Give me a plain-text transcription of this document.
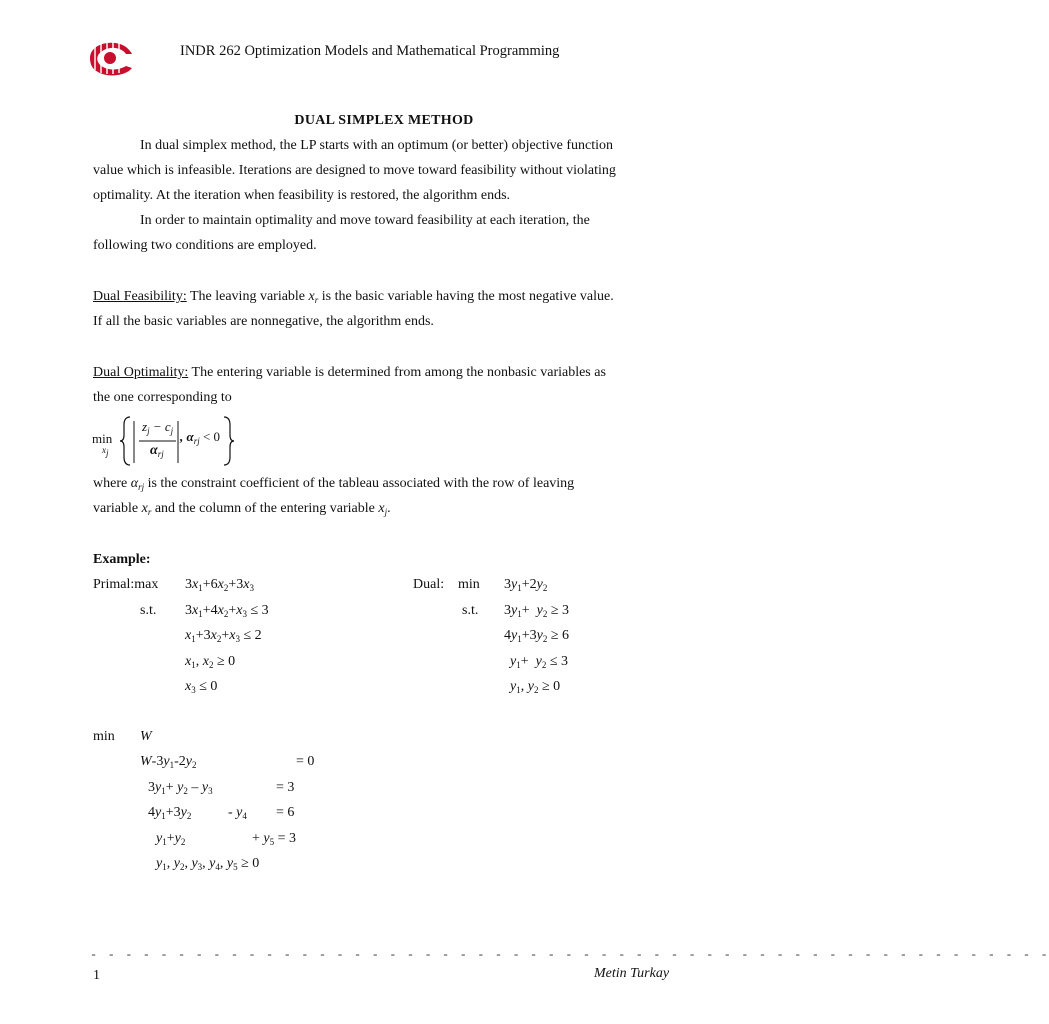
INDR 262 Optimization Models and Mathematical Programming
DUAL SIMPLEX METHOD
In dual simplex method, the LP starts with an optimum (or better) objective function
value which is infeasible. Iterations are designed to move toward feasibility without violating
optimality. At the iteration when feasibility is restored, the algorithm ends.
In order to maintain optimality and move toward feasibility at each iteration, the
following two conditions are employed.
Dual Feasibility: The leaving variable $x_r$ is the basic variable having the most negative value.
If all the basic variables are nonnegative, the algorithm ends.
Dual Optimality: The entering variable is determined from among the nonbasic variables as
the one corresponding to
min
$x_j$
$z_j - c_j$
$\alpha_{rj}$
, $\alpha_{rj} < 0$
where $\alpha_{rj}$ is the constraint coefficient of the tableau associated with the row of leaving
variable $x_r$ and the column of the entering variable $x_j$.
Example:
Primal:max $3x_1+6x_2+3x_3$
s.t. $3x_1+4x_2+x_3 \le 3$
$x_1+3x_2+x_3 \le 2$
$x_1$, $x_2 \ge 0$
$x_3 \le 0$
Dual: $\min 3y_1+2y_2$
s.t. $3y_1+ y_2 \ge 3$
$4y_1+3y_2 \ge 6$
$y_1+ y_2 \le 3$
$y_1$, $y_2 \ge 0$
min W
$W-3y_1-2y_2$	= 0
$3y_1+ y_2 - y_3$	= 3
$4y_1+3y_2$	- $y_4 = 6$
$y_1+y_2$	+ $y_5 = 3$
$y_1$, $y_2$, $y_3$, $y_4$, $y_5 \ge 0$
- - - - - - - - - - - - - - - - - - - - - - - - - - - - - - - - - - - - - - - - - - - - - - - - - - - - - - -
1	Metin Turkay
